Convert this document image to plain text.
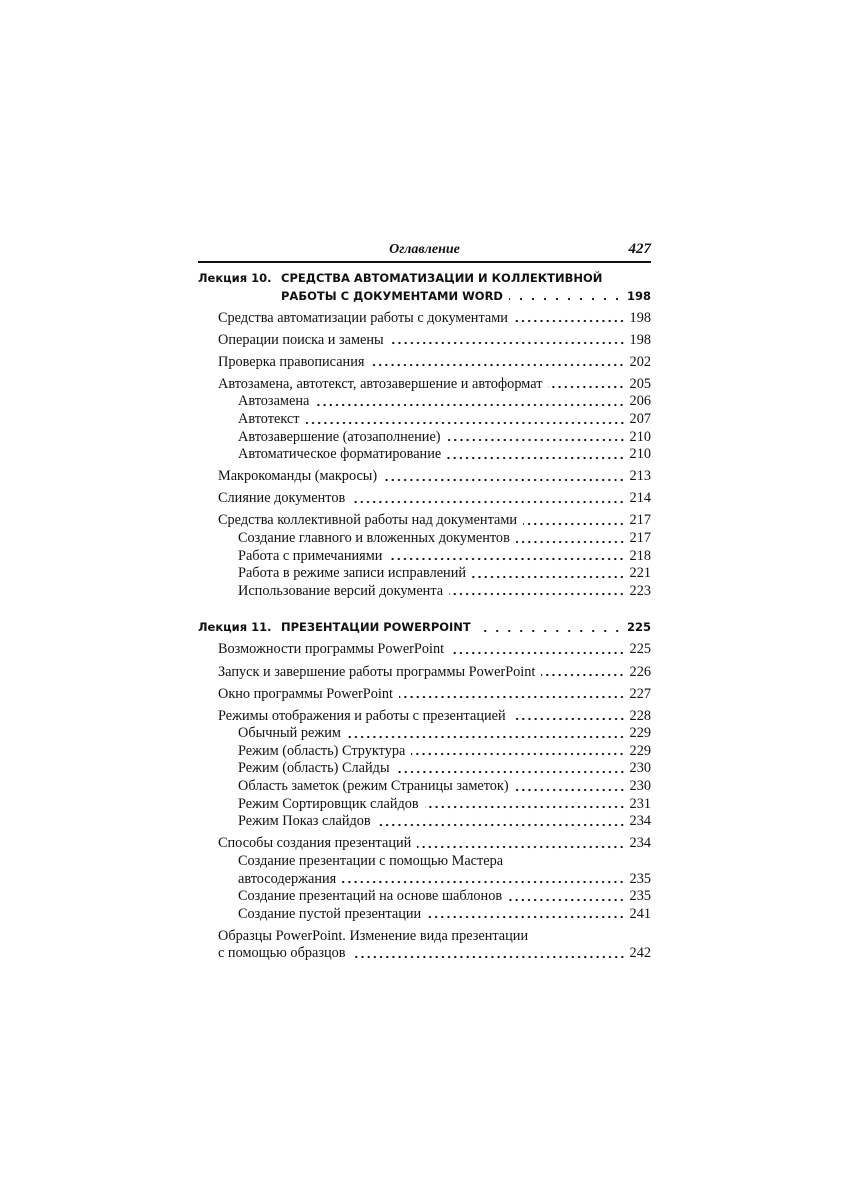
Оглавление	427
Лекция 10. СРЕДСТВА АВТОМАТИЗАЦИИ И КОЛЛЕКТИВНОЙ
РАБОТЫ С ДОКУМЕНТАМИ WORD	198
Средства автоматизации работы с документами	198
Операции поиска и замены	198
Проверка правописания	202
Автозамена, автотекст, автозавершение и автоформат	205
Автозамена	206
Автотекст	207
Автозавершение (атозаполнение)	210
Автоматическое форматирование	210
Макрокоманды (макросы)	213
Слияние документов	214
Средства коллективной работы над документами	217
Создание главного и вложенных документов	217
Работа с примечаниями	218
Работа в режиме записи исправлений	221
Использование версий документа	223
Лекция 11. ПРЕЗЕНТАЦИИ POWERPOINT	225
Возможности программы PowerPoint	225
Запуск и завершение работы программы PowerPoint	226
Окно программы PowerPoint	227
Режимы отображения и работы с презентацией	228
Обычный режим	229
Режим (область) Структура	229
Режим (область) Слайды	230
Область заметок (режим Страницы заметок)	230
Режим Сортировщик слайдов	231
Режим Показ слайдов	234
Способы создания презентаций	234
Создание презентации с помощью Мастера
автосодержания	235
Создание презентаций на основе шаблонов	235
Создание пустой презентации	241
Образцы PowerPoint. Изменение вида презентации
с помощью образцов	242
